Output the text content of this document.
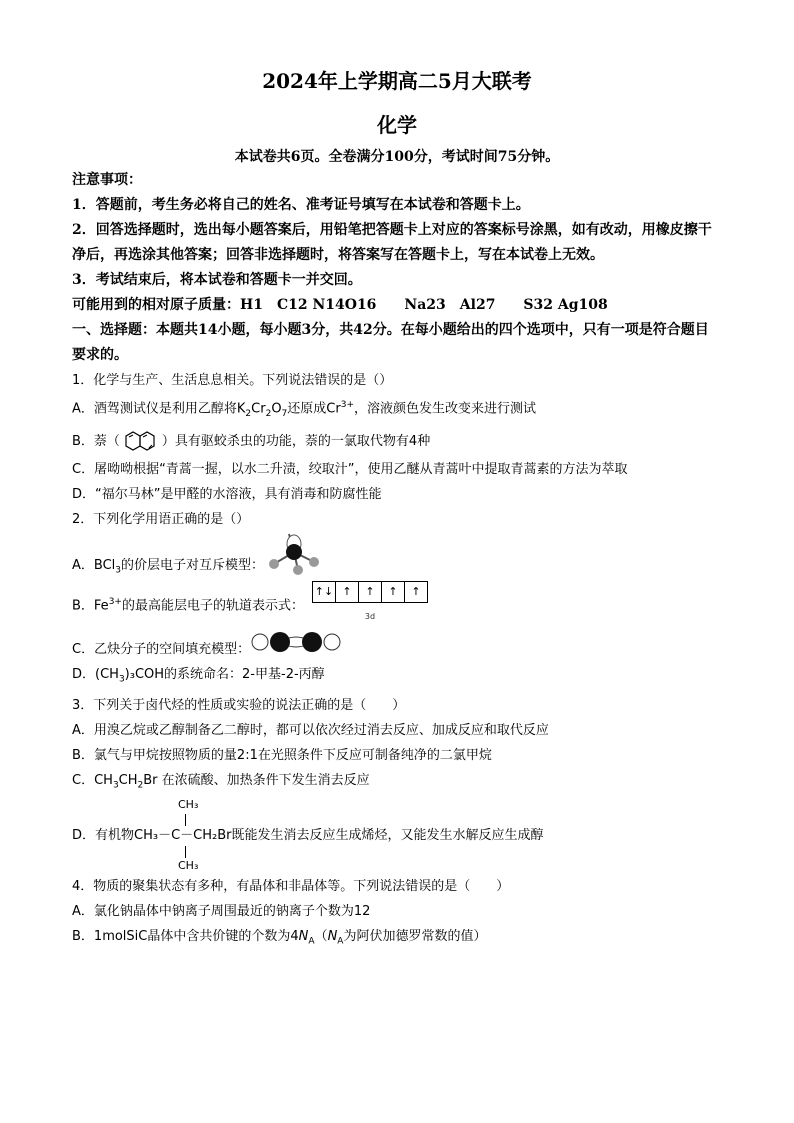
2024年上学期高二5月大联考
化学
本试卷共6页。全卷满分100分，考试时间75分钟。
注意事项：
1．答题前，考生务必将自己的姓名、准考证号填写在本试卷和答题卡上。
2．回答选择题时，选出每小题答案后，用铅笔把答题卡上对应的答案标号涂黑，如有改动，用橡皮擦干净后，再选涂其他答案；回答非选择题时，将答案写在答题卡上，写在本试卷上无效。
3．考试结束后，将本试卷和答题卡一并交回。
可能用到的相对原子质量：H1　C12 N14O16　　Na23　Al27　　S32 Ag108
一、选择题：本题共14小题，每小题3分，共42分。在每小题给出的四个选项中，只有一项是符合题目要求的。
1．化学与生产、生活息息相关。下列说法错误的是（）
A．酒驾测试仪是利用乙醇将$K_2Cr_2O_7$还原成$Cr^{3+}$，溶液颜色发生改变来进行测试
B．萘（	）具有驱蛟杀虫的功能，萘的一氯取代物有4种
C．屠呦呦根据“青蒿一握，以水二升渍，绞取汁”，使用乙醚从青蒿叶中提取青蒿素的方法为萃取
D．“福尔马林”是甲醛的水溶液，具有消毒和防腐性能
2．下列化学用语正确的是（）
A．BCl$_3$的价层电子对互斥模型：
B．$Fe^{3+}$的最高能层电子的轨道表示式：
↑↓ ↑	↑	↑	↑
3d
C．乙炔分子的空间填充模型：
D．$(CH_3)_3COH$的系统命名：2-甲基-2-丙醇
3．下列关于卤代烃的性质或实验的说法正确的是（　　）
A．用溴乙烷或乙醇制备乙二醇时，都可以依次经过消去反应、加成反应和取代反应
B．氯气与甲烷按照物质的量2:1在光照条件下反应可制备纯净的二氯甲烷
C．$CH_3CH_2Br$ 在浓硫酸、加热条件下发生消去反应
CH₃
D．有机物CH₃－C－CH₂Br既能发生消去反应生成烯烃，又能发生水解反应生成醇
CH₃
4．物质的聚集状态有多种，有晶体和非晶体等。下列说法错误的是（　　）
A．氯化钠晶体中钠离子周围最近的钠离子个数为12
B．1molSiC晶体中含共价键的个数为$4N_A(N_A$为阿伏加德罗常数的值）
